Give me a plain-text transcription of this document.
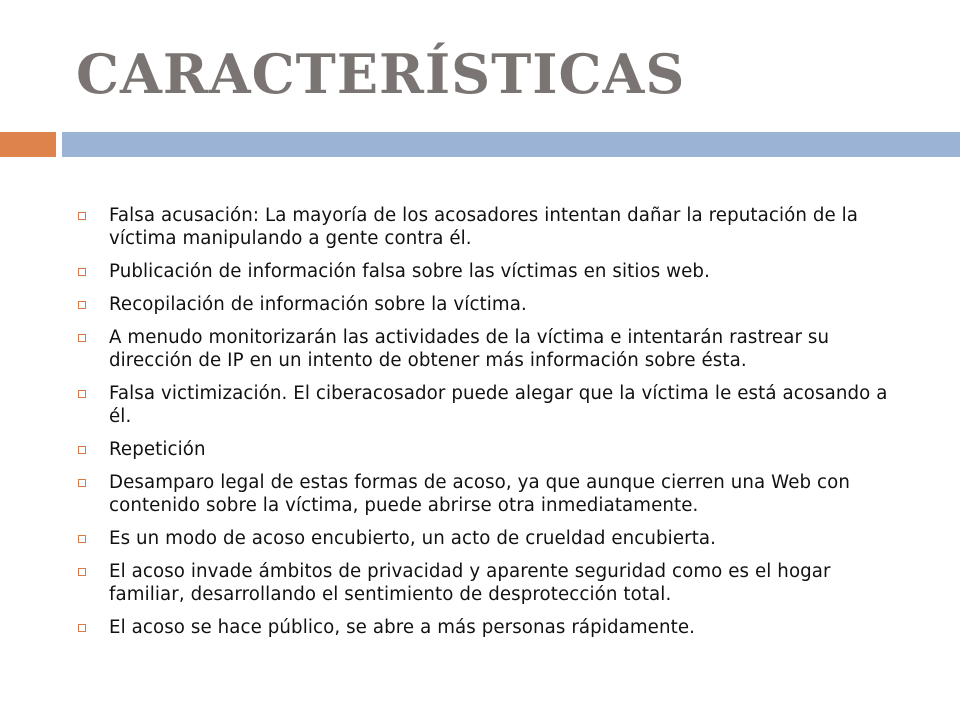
CARACTERÍSTICAS
Falsa acusación: La mayoría de los acosadores intentan dañar la reputación de la víctima manipulando a gente contra él.
Publicación de información falsa sobre las víctimas en sitios web.
Recopilación de información sobre la víctima.
A menudo monitorizarán las actividades de la víctima e intentarán rastrear su dirección de IP en un intento de obtener más información sobre ésta.
Falsa victimización. El ciberacosador puede alegar que la víctima le está acosando a él.
Repetición
Desamparo legal de estas formas de acoso, ya que aunque cierren una Web con contenido sobre la víctima, puede abrirse otra inmediatamente.
Es un modo de acoso encubierto, un acto de crueldad encubierta.
El acoso invade ámbitos de privacidad y aparente seguridad como es el hogar familiar, desarrollando el sentimiento de desprotección total.
El acoso se hace público, se abre a más personas rápidamente.
